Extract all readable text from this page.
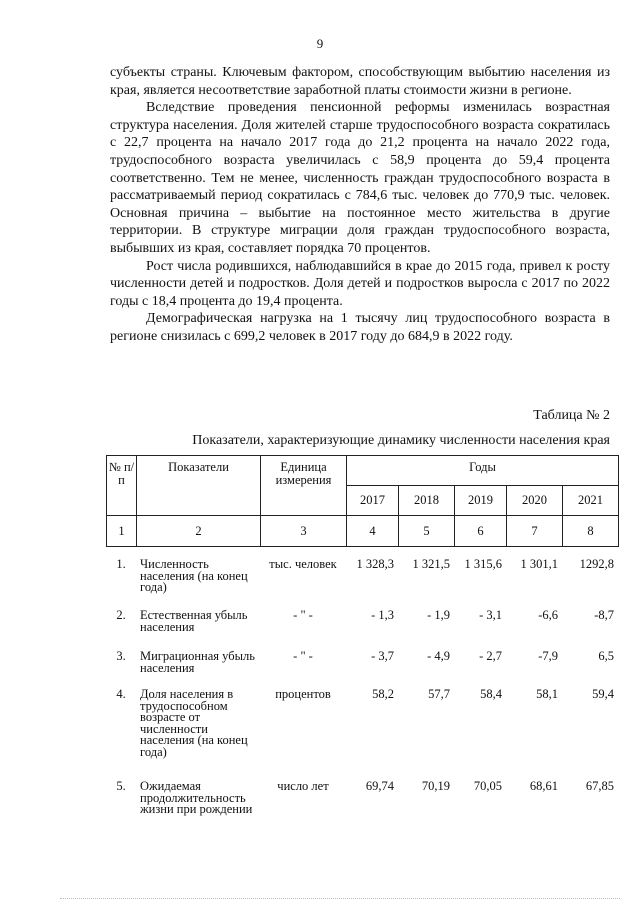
9

субъекты страны. Ключевым фактором, способствующим выбытию населения из края, является несоответствие заработной платы стоимости жизни в регионе.

Вследствие проведения пенсионной реформы изменилась возрастная структура населения. Доля жителей старше трудоспособного возраста сократилась с 22,7 процента на начало 2017 года до 21,2 процента на начало 2022 года, трудоспособного возраста увеличилась с 58,9 процента до 59,4 процента соответственно. Тем не менее, численность граждан трудоспособного возраста в рассматриваемый период сократилась с 784,6 тыс. человек до 770,9 тыс. человек. Основная причина – выбытие на постоянное место жительства в другие территории. В структуре миграции доля граждан трудоспособного возраста, выбывших из края, составляет порядка 70 процентов.

Рост числа родившихся, наблюдавшийся в крае до 2015 года, привел к росту численности детей и подростков. Доля детей и подростков выросла с 2017 по 2022 годы с 18,4 процента до 19,4 процента.

Демографическая нагрузка на 1 тысячу лиц трудоспособного возраста в регионе снизилась с 699,2 человек в 2017 году до 684,9 в 2022 году.

Таблица № 2
Показатели, характеризующие динамику численности населения края
№ п/п	Показатели	Единица измерения	Годы				
			2017	2018	2019	2020	2021
1	2	3	4	5	6	7	8
1.	Численность населения (на конец года)	тыс. человек	1 328,3	1 321,5	1 315,6	1 301,1	1292,8
2.	Естественная убыль населения	- " -	- 1,3	- 1,9	- 3,1	-6,6	-8,7
3.	Миграционная убыль населения	- " -	- 3,7	- 4,9	- 2,7	-7,9	6,5
4.	Доля населения в трудоспособном возрасте от численности населения (на конец года)	процентов	58,2	57,7	58,4	58,1	59,4
5.	Ожидаемая продолжительность жизни при рождении	число лет	69,74	70,19	70,05	68,61	67,85
